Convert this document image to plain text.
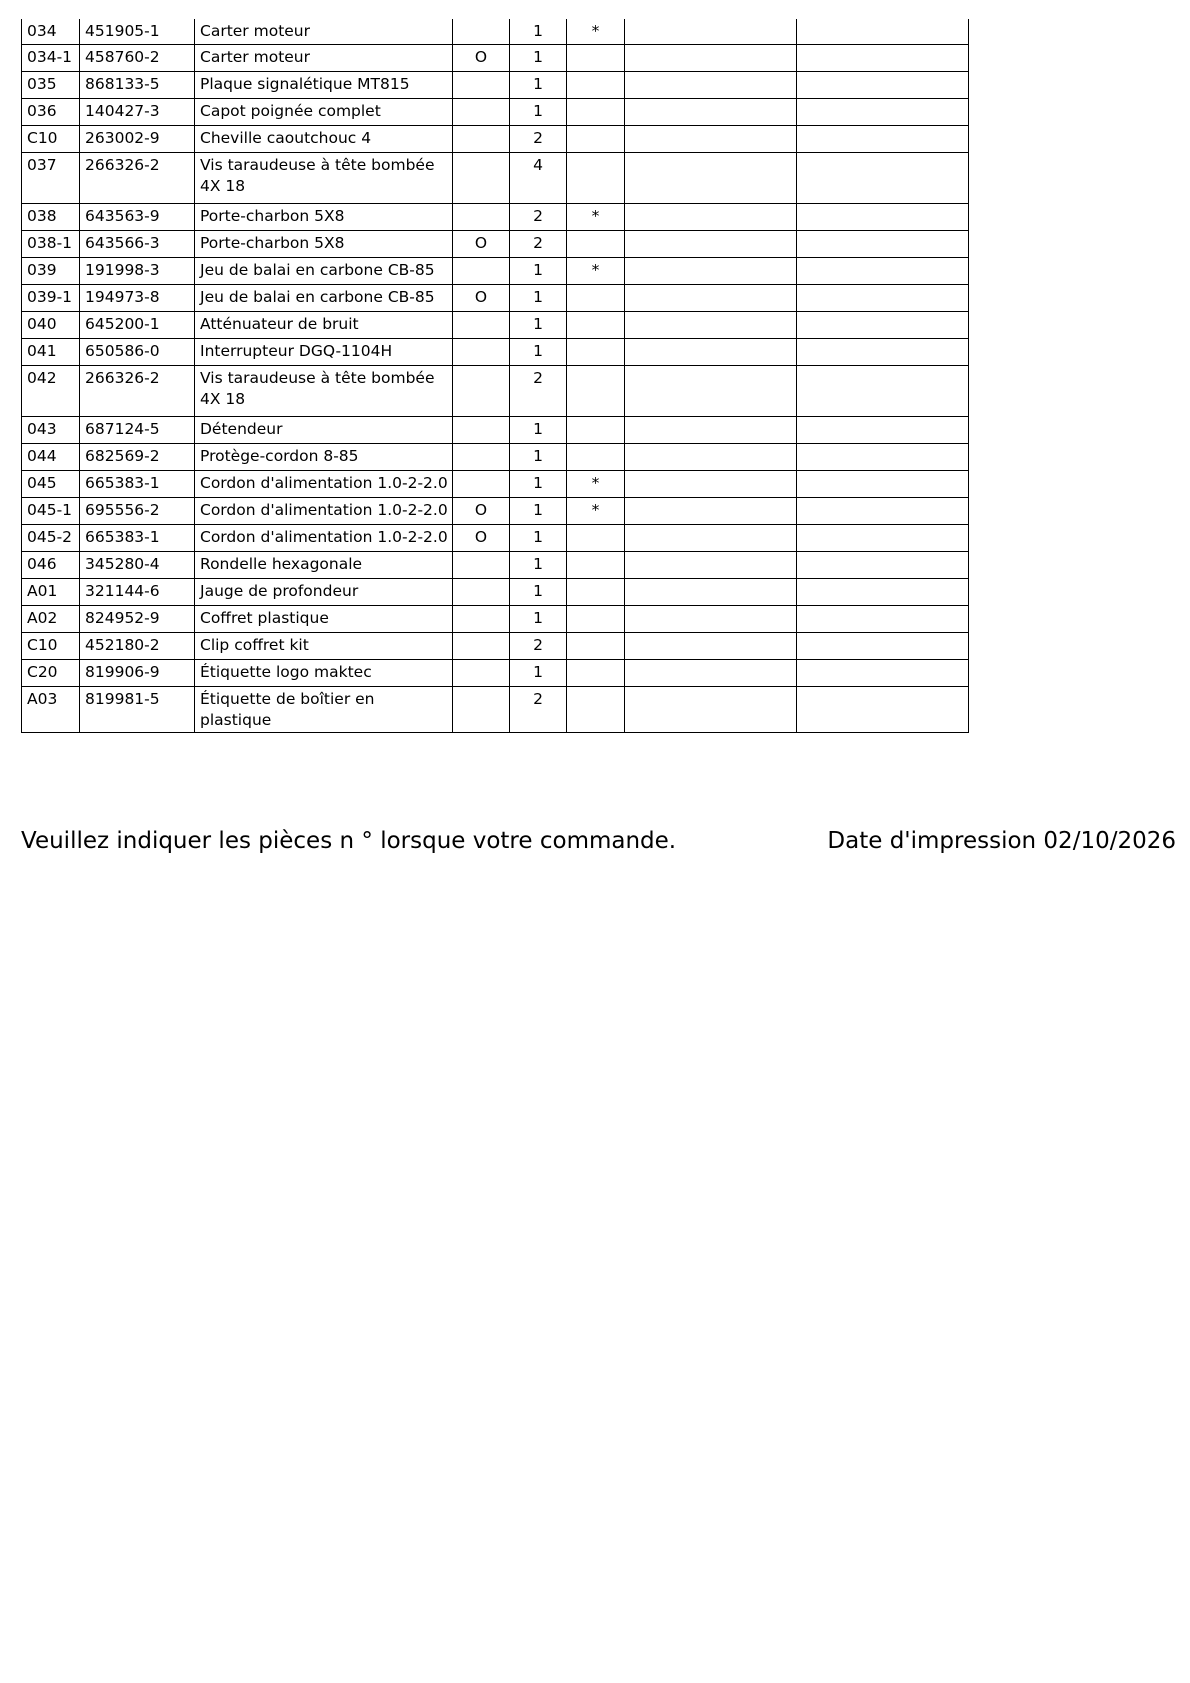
034	451905-1	Carter moteur		1	*		
034-1	458760-2	Carter moteur	O	1			
035	868133-5	Plaque signalétique MT815		1			
036	140427-3	Capot poignée complet		1			
C10	263002-9	Cheville caoutchouc 4		2			
037	266326-2	Vis taraudeuse à tête bombée 4X 18		4			
038	643563-9	Porte-charbon 5X8		2	*		
038-1	643566-3	Porte-charbon 5X8	O	2			
039	191998-3	Jeu de balai en carbone CB-85		1	*		
039-1	194973-8	Jeu de balai en carbone CB-85	O	1			
040	645200-1	Atténuateur de bruit		1			
041	650586-0	Interrupteur DGQ-1104H		1			
042	266326-2	Vis taraudeuse à tête bombée 4X 18		2			
043	687124-5	Détendeur		1			
044	682569-2	Protège-cordon 8-85		1			
045	665383-1	Cordon d'alimentation 1.0-2-2.0		1	*		
045-1	695556-2	Cordon d'alimentation 1.0-2-2.0	O	1	*		
045-2	665383-1	Cordon d'alimentation 1.0-2-2.0	O	1			
046	345280-4	Rondelle hexagonale		1			
A01	321144-6	Jauge de profondeur		1			
A02	824952-9	Coffret plastique		1			
C10	452180-2	Clip coffret kit		2			
C20	819906-9	Étiquette logo maktec		1			
A03	819981-5	Étiquette de boîtier en plastique		2			
Veuillez indiquer les pièces n ° lorsque votre commande.	Date d'impression 02/10/2026
